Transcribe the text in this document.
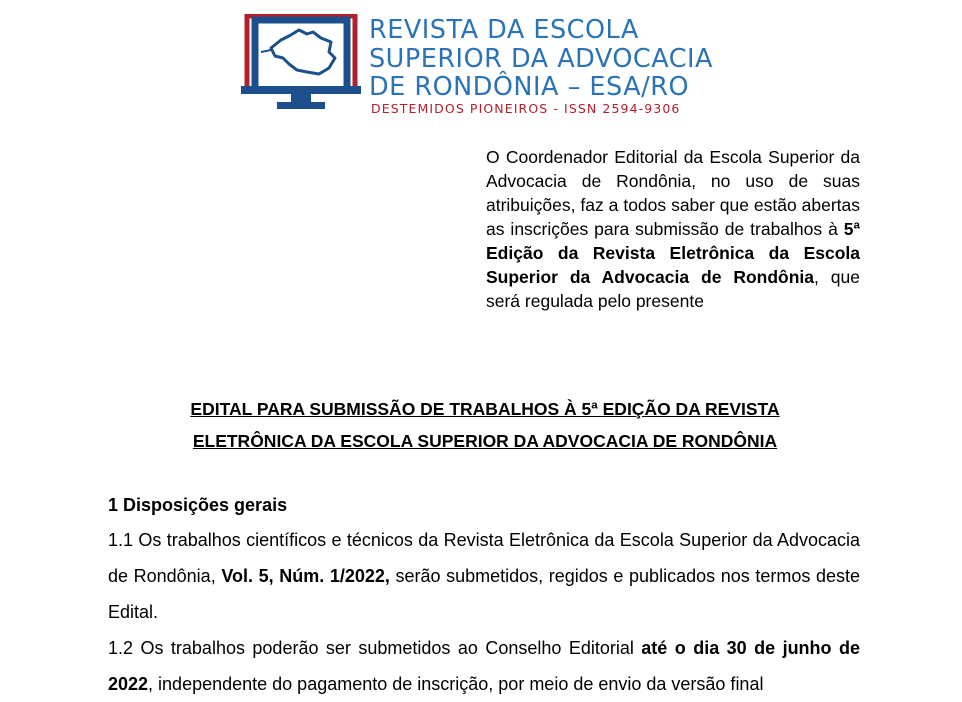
REVISTA DA ESCOLA
SUPERIOR DA ADVOCACIA
DE RONDÔNIA – ESA/RO
DESTEMIDOS PIONEIROS - ISSN 2594-9306
O Coordenador Editorial da Escola Superior da Advocacia de Rondônia, no uso de suas atribuições, faz a todos saber que estão abertas as inscrições para submissão de trabalhos à 5ª Edição da Revista Eletrônica da Escola Superior da Advocacia de Rondônia, que será regulada pelo presente
EDITAL PARA SUBMISSÃO DE TRABALHOS À 5ª EDIÇÃO DA REVISTA
ELETRÔNICA DA ESCOLA SUPERIOR DA ADVOCACIA DE RONDÔNIA
1 Disposições gerais
1.1 Os trabalhos científicos e técnicos da Revista Eletrônica da Escola Superior da Advocacia de Rondônia, Vol. 5, Núm. 1/2022, serão submetidos, regidos e publicados nos termos deste Edital.
1.2 Os trabalhos poderão ser submetidos ao Conselho Editorial até o dia 30 de junho de 2022, independente do pagamento de inscrição, por meio de envio da versão final
